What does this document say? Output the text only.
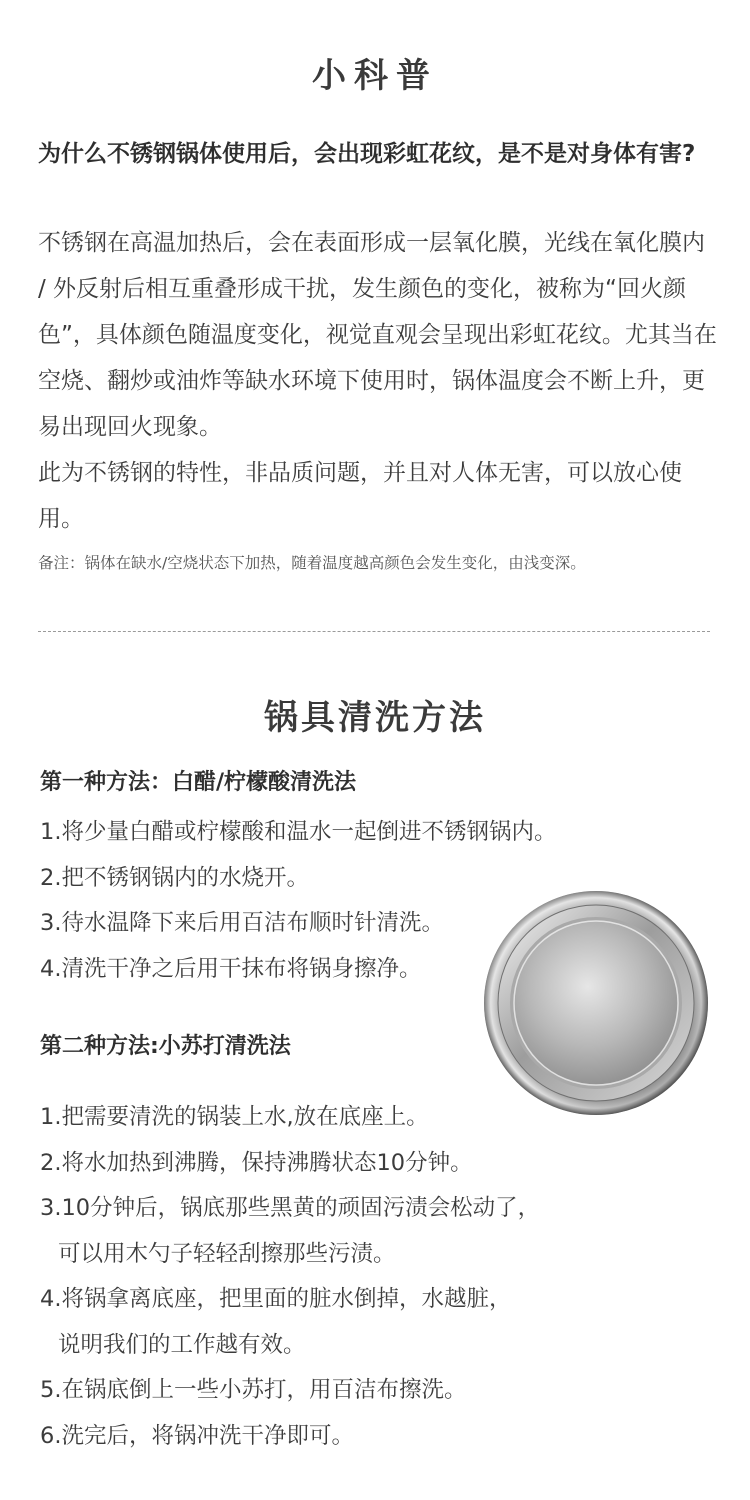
小科普
为什么不锈钢锅体使用后，会出现彩虹花纹，是不是对身体有害?

不锈钢在高温加热后，会在表面形成一层氧化膜，光线在氧化膜内 / 外反射后相互重叠形成干扰，发生颜色的变化，被称为“回火颜色”，具体颜色随温度变化，视觉直观会呈现出彩虹花纹。尤其当在空烧、翻炒或油炸等缺水环境下使用时，锅体温度会不断上升，更易出现回火现象。

此为不锈钢的特性，非品质问题，并且对人体无害，可以放心使用。

备注：锅体在缺水/空烧状态下加热，随着温度越高颜色会发生变化，由浅变深。
锅具清洗方法
第一种方法：白醋/柠檬酸清洗法
1.将少量白醋或柠檬酸和温水一起倒进不锈钢锅内。
2.把不锈钢锅内的水烧开。
3.待水温降下来后用百洁布顺时针清洗。
4.清洗干净之后用干抹布将锅身擦净。
第二种方法:小苏打清洗法
1.把需要清洗的锅装上水,放在底座上。
2.将水加热到沸腾，保持沸腾状态10分钟。
3.10分钟后，锅底那些黑黄的顽固污渍会松动了，
可以用木勺子轻轻刮擦那些污渍。
4.将锅拿离底座，把里面的脏水倒掉，水越脏，
说明我们的工作越有效。
5.在锅底倒上一些小苏打，用百洁布擦洗。
6.洗完后，将锅冲洗干净即可。
